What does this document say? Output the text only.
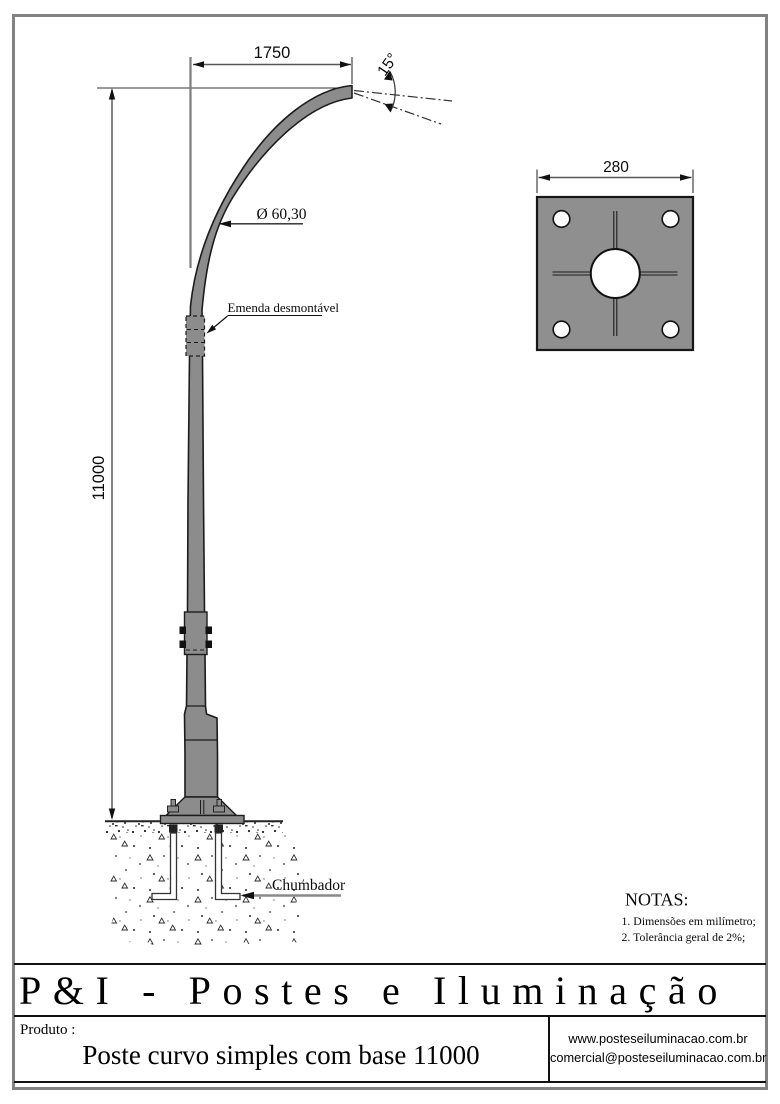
11000
1750	15°
Emenda desmontável
Ø 60,30
Chumbador
280
NOTAS:
1. Dimensões em milímetro;
2. Tolerância geral de 2%;
P&I - Postes e Iluminação
Produto :
Poste curvo simples com base 11000
www.posteseiluminacao.com.br
comercial@posteseiluminacao.com.br
